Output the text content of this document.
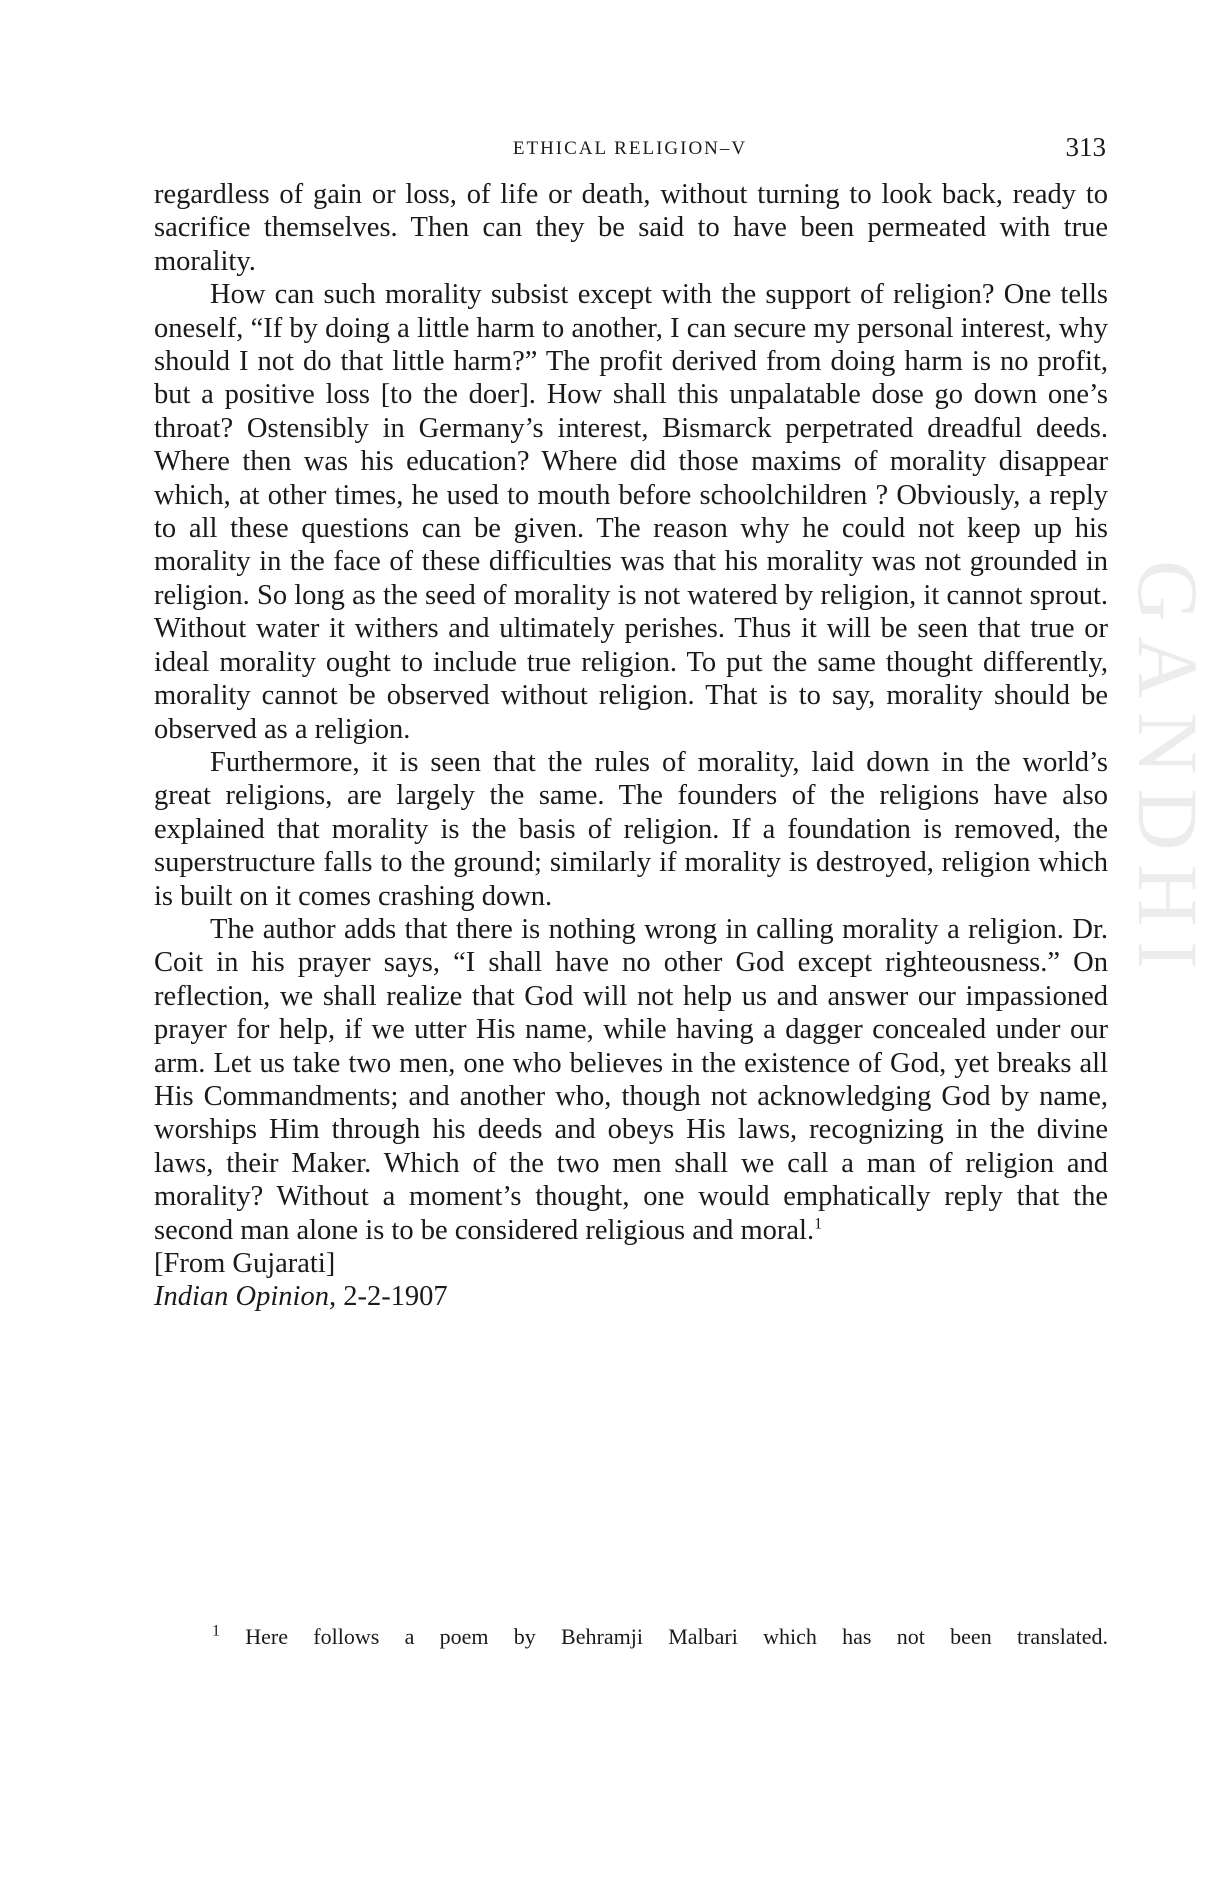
GANDHI
ETHICAL RELIGION–V	313

regardless of gain or loss, of life or death, without turning to look back, ready to sacrifice themselves. Then can they be said to have been permeated with true morality.

How can such morality subsist except with the support of religion? One tells oneself, “If by doing a little harm to another, I can secure my personal interest, why should I not do that little harm?” The profit derived from doing harm is no profit, but a positive loss [to the doer]. How shall this unpalatable dose go down one’s throat? Ostensibly in Germany’s interest, Bismarck perpetrated dreadful deeds. Where then was his education? Where did those maxims of morality disappear which, at other times, he used to mouth before schoolchildren ? Obviously, a reply to all these questions can be given. The reason why he could not keep up his morality in the face of these difficulties was that his morality was not grounded in religion. So long as the seed of morality is not watered by religion, it cannot sprout. Without water it withers and ultimately perishes. Thus it will be seen that true or ideal morality ought to include true religion. To put the same thought differently, morality cannot be observed without religion. That is to say, morality should be observed as a religion.

Furthermore, it is seen that the rules of morality, laid down in the world’s great religions, are largely the same. The founders of the religions have also explained that morality is the basis of religion. If a foundation is removed, the superstructure falls to the ground; similarly if morality is destroyed, religion which is built on it comes crashing down.

The author adds that there is nothing wrong in calling morality a religion. Dr. Coit in his prayer says, “I shall have no other God except righteousness.” On reflection, we shall realize that God will not help us and answer our impassioned prayer for help, if we utter His name, while having a dagger concealed under our arm. Let us take two men, one who believes in the existence of God, yet breaks all His Commandments; and another who, though not acknowledging God by name, worships Him through his deeds and obeys His laws, recognizing in the divine laws, their Maker. Which of the two men shall we call a man of religion and morality? Without a moment’s thought, one would emphatically reply that the second man alone is to be considered religious and moral.$^1$

[From Gujarati]

Indian Opinion, 2-2-1907

$^1$ Here follows a poem by Behramji Malbari which has not been translated.
